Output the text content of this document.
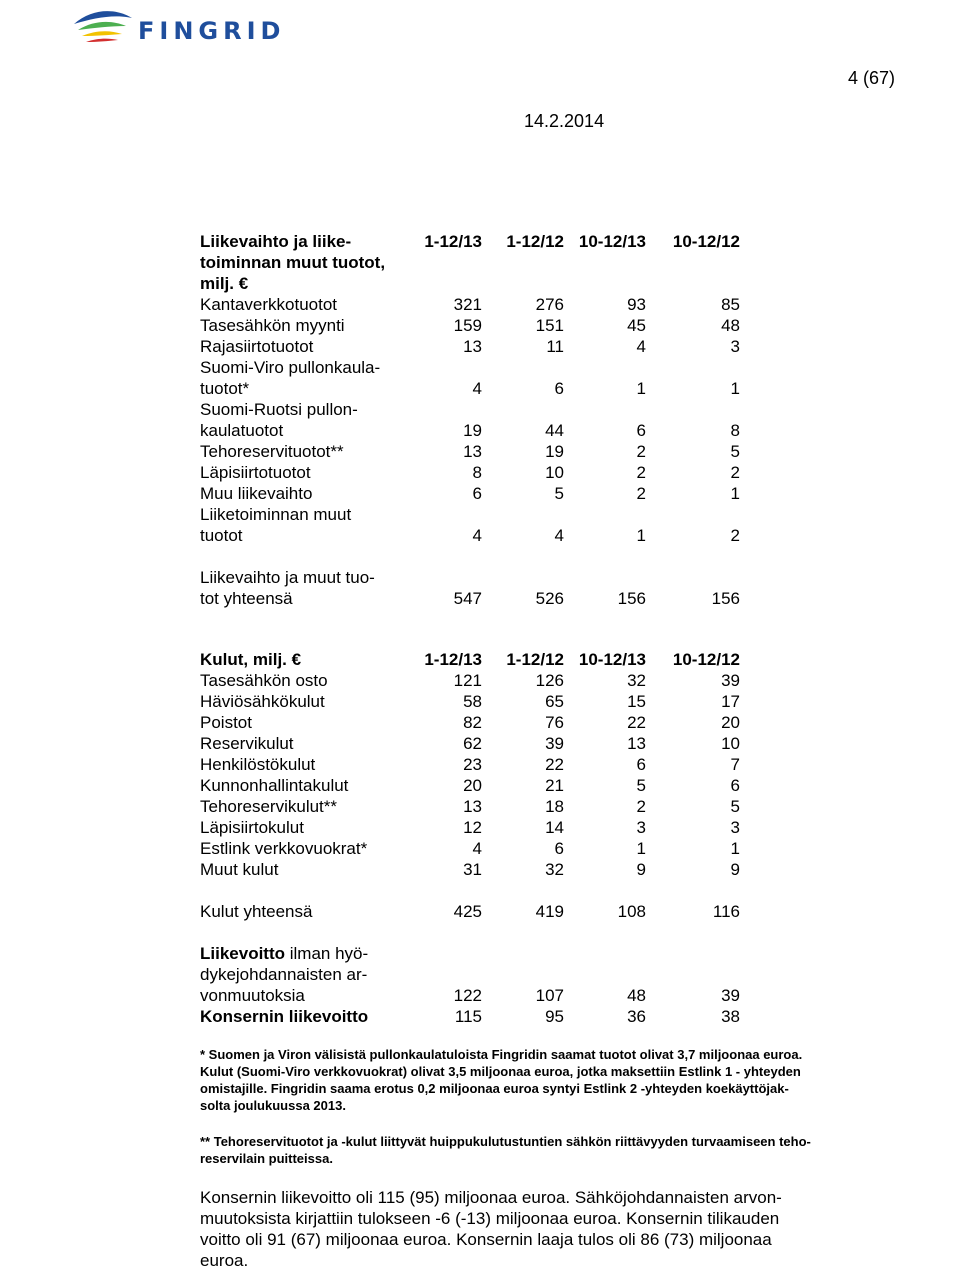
FINGRID
4 (67)
14.2.2014
Liikevaihto ja liike-	1-12/13	1-12/12 10-12/13	10-12/12
toiminnan muut tuotot,
milj. €
Kantaverkkotuotot	321	276	93	85
Tasesähkön myynti	159	151	45	48
Rajasiirtotuotot	13	11	4	3
Suomi-Viro pullonkaula-
tuotot*	4	6	1	1
Suomi-Ruotsi pullon-
kaulatuotot	19	44	6	8
Tehoreservituotot**	13	19	2	5
Läpisiirtotuotot	8	10	2	2
Muu liikevaihto	6	5	2	1
Liiketoiminnan muut
tuotot	4	4	1	2
Liikevaihto ja muut tuo-
tot yhteensä	547	526	156	156
Kulut, milj. €	1-12/13	1-12/12 10-12/13	10-12/12
Tasesähkön osto	121	126	32	39
Häviösähkökulut	58	65	15	17
Poistot	82	76	22	20
Reservikulut	62	39	13	10
Henkilöstökulut	23	22	6	7
Kunnonhallintakulut	20	21	5	6
Tehoreservikulut**	13	18	2	5
Läpisiirtokulut	12	14	3	3
Estlink verkkovuokrat*	4	6	1	1
Muut kulut	31	32	9	9
Kulut yhteensä	425	419	108	116
Liikevoitto ilman hyö-
dykejohdannaisten ar-
vonmuutoksia	122	107	48	39
Konsernin liikevoitto	115	95	36	38

* Suomen ja Viron välisistä pullonkaulatuloista Fingridin saamat tuotot olivat 3,7 miljoonaa euroa.

Kulut (Suomi-Viro verkkovuokrat) olivat 3,5 miljoonaa euroa, jotka maksettiin Estlink 1 - yhteyden

omistajille. Fingridin saama erotus 0,2 miljoonaa euroa syntyi Estlink 2 -yhteyden koekäyttöjak-

solta joulukuussa 2013.

** Tehoreservituotot ja -kulut liittyvät huippukulutustuntien sähkön riittävyyden turvaamiseen teho-

reservilain puitteissa.

Konsernin liikevoitto oli 115 (95) miljoonaa euroa. Sähköjohdannaisten arvon-
muutoksista kirjattiin tulokseen -6 (-13) miljoonaa euroa. Konsernin tilikauden
voitto oli 91 (67) miljoonaa euroa. Konsernin laaja tulos oli 86 (73) miljoonaa
euroa.
